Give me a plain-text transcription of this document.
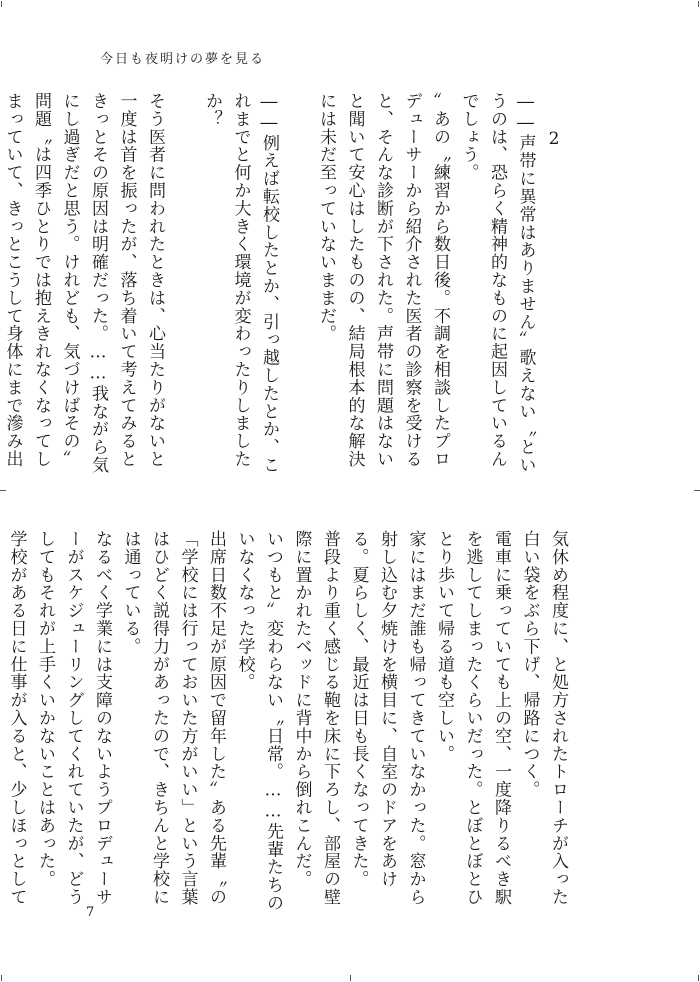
今日も夜明けの夢を見る

2

――声帯に異常はありません〟歌えない〝というのは、恐らく精神的なものに起因しているんでしょう。

〟あの〝練習から数日後。不調を相談したプロデューサーから紹介された医者の診察を受けると、そんな診断が下された。声帯に問題はないと聞いて安心はしたものの、結局根本的な解決には未だ至っていないままだ。

――例えば転校したとか、引っ越したとか、これまでと何か大きく環境が変わったりしましたか？

そう医者に問われたときは、心当たりがないと一度は首を振ったが、落ち着いて考えてみるときっとその原因は明確だった。……我ながら気にし過ぎだと思う。けれども、気づけばその〟問題〝は四季ひとりでは抱えきれなくなってしまっていて、きっとこうして身体にまで滲み出

気休め程度に、と処方されたトローチが入った白い袋をぶら下げ、帰路につく。

電車に乗っていても上の空、一度降りるべき駅を逃してしまったくらいだった。とぼとぼとひとり歩いて帰る道も空しい。

家にはまだ誰も帰ってきていなかった。窓から射し込む夕焼けを横目に、自室のドアをあける。夏らしく、最近は日も長くなってきた。

普段より重く感じる鞄を床に下ろし、部屋の壁際に置かれたベッドに背中から倒れこんだ。

いつもと〟変わらない〝日常。……先輩たちのいなくなった学校。

出席日数不足が原因で留年した〟ある先輩〝の「学校には行っておいた方がいい」という言葉はひどく説得力があったので、きちんと学校には通っている。

なるべく学業には支障のないようプロデューサーがスケジューリングしてくれていたが、どうしてもそれが上手くいかないことはあった。

学校がある日に仕事が入ると、少しほっとして

7
